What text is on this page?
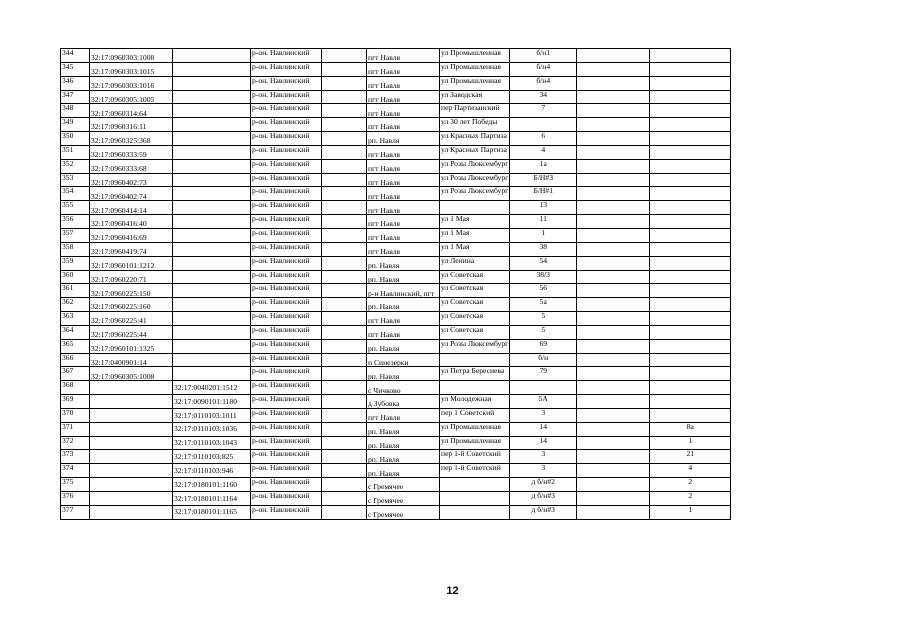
344	32:17:0960303:1008		р-он. Навлинский		пгт Навля	ул Промышленная	б/н1		
345	32:17:0960303:1015		р-он. Навлинский		пгт Навля	ул Промышленная	б/н4		
346	32:17:0960303:1016		р-он. Навлинский		пгт Навля	ул Промышленная	б/н4		
347	32:17:0960305:1005		р-он. Навлинский		пгт Навля	ул Заводская	34		
348	32:17:0960314:64		р-он. Навлинский		пгт Навля	пер Партизанский	7		
349	32:17:0960316:11		р-он. Навлинский		пгт Навля	ул 30 лет Победы			
350	32:17:0960325:368		р-он. Навлинский		рп. Навля	ул Красных Партиза	6		
351	32:17:0960333:59		р-он. Навлинский		пгт Навля	ул Красных Партиза	4		
352	32:17:0960333:68		р-он. Навлинский		пгт Навля	ул Розы Люксембург	1а		
353	32:17:0960402:73		р-он. Навлинский		пгт Навля	ул Розы Люксембург	Б/Н#3		
354	32:17:0960402:74		р-он. Навлинский		пгт Навля	ул Розы Люксембург	Б/Н#1		
355	32:17:0960414:14		р-он. Навлинский		пгт Навля		13		
356	32:17:0960416:40		р-он. Навлинский		пгт Навля	ул 1 Мая	11		
357	32:17:0960416:69		р-он. Навлинский		пгт Навля	ул 1 Мая	1		
358	32:17:0960419:74		р-он. Навлинский		пгт Навля	ул 1 Мая	38		
359	32:17:0960101:1212		р-он. Навлинский		рп. Навля	ул Ленина	54		
360	32:17:0960220:71		р-он. Навлинский		рп. Навля	ул Советская	38/3		
361	32:17:0960225:150		р-он. Навлинский		р-н Навлинский, пгт	ул Советская	56		
362	32:17:0960225:160		р-он. Навлинский		рп. Навля	ул Советская	5а		
363	32:17:0960225:41		р-он. Навлинский		пгт Навля	ул Советская	5		
364	32:17:0960225:44		р-он. Навлинский		пгт Навля	ул Советская	5		
365	32:17:0960101:1325		р-он. Навлинский		рп. Навля	ул Розы Люксембург	69		
366	32:17:0400901:14		р-он. Навлинский		п Синезерки		б/н		
367	32:17:0960305:1008		р-он. Навлинский		рп. Навля	ул Петра Бересиева	79		
368		32:17:0040201:1512	р-он. Навлинский		с Чичково				
369		32:17:0090101:1180	р-он. Навлинский		д Зубовка	ул Молодежная	5А		
370		32:17:0110103:1011	р-он. Навлинский		пгт Навля	пер 1 Советский	3		
371		32:17:0110103:1036	р-он. Навлинский		рп. Навля	ул Промышленная	14		8а
372		32:17:0110103:1043	р-он. Навлинский		рп. Навля	ул Промышленная	14		1
373		32:17:0110103:825	р-он. Навлинский		рп. Навля	пер 1-й Советский	3		21
374		32:17:0110103:946	р-он. Навлинский		рп. Навля	пер 1-й Советский	3		4
375		32:17:0180101:1160	р-он. Навлинский		с Гремячее		д б/н#2		2
376		32:17:0180101:1164	р-он. Навлинский		с Гремячее		д б/н#3		2
377		32:17:0180101:1165	р-он. Навлинский		с Гремячее		д б/н#3		1
12
